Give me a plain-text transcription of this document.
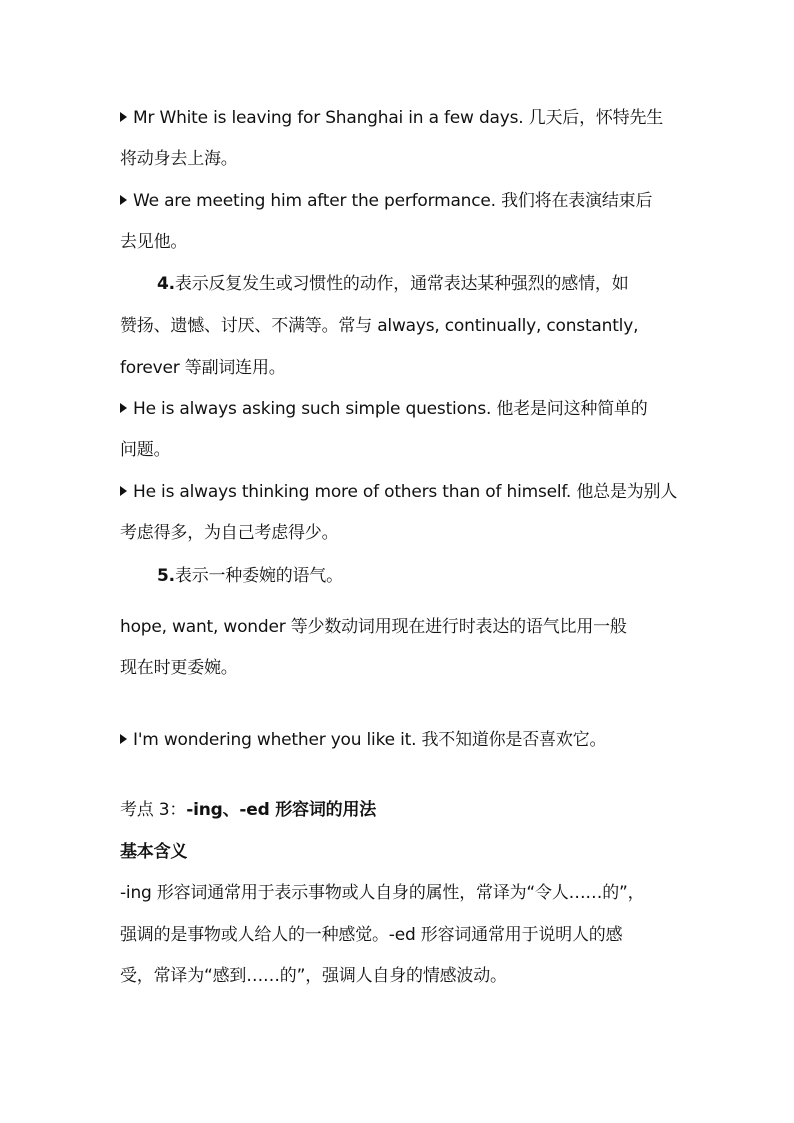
Mr White is leaving for Shanghai in a few days. 几天后，怀特先生
将动身去上海。
We are meeting him after the performance. 我们将在表演结束后
去见他。
4.表示反复发生或习惯性的动作，通常表达某种强烈的感情，如
赞扬、遗憾、讨厌、不满等。常与 always, continually, constantly,
forever 等副词连用。
He is always asking such simple questions. 他老是问这种简单的
问题。
He is always thinking more of others than of himself. 他总是为别人
考虑得多，为自己考虑得少。
5.表示一种委婉的语气。
hope, want, wonder 等少数动词用现在进行时表达的语气比用一般
现在时更委婉。
I'm wondering whether you like it. 我不知道你是否喜欢它。
考点 3：-ing、-ed 形容词的用法
基本含义
-ing 形容词通常用于表示事物或人自身的属性，常译为“令人……的”，
强调的是事物或人给人的一种感觉。-ed 形容词通常用于说明人的感
受，常译为“感到……的”，强调人自身的情感波动。
